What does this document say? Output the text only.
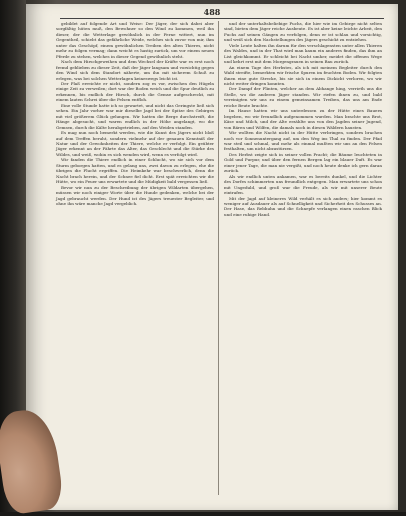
488

gebildet auf folgende Art und Weise: Der Jäger, der sich dabei aber sorgfältig hüten muß, den Bewohner so den Wind zu kommen, weil ihn dieser, der die Wetterlage gewöhnlich in der Ferne wittert, nun im Gegentheil, schiebt das gefährliche Weide, welches sich zuvor von mir, ihm unter das Geschöpf, einem gewöhnlichen Treiben des alten Thieres, nicht mehr zu folgen vermag; dann weicht es hastig zurück, um vor einem neuen Pferde zu stehen, welches in dieser Gegend gewöhnlich steht.

Nach dem Hirschgeweihen und dem Wechsel der Kräfte war es erst noch fremd geblieben zu dieser Zeit, daß der Jäger langsam und vorsichtig gegen den Wind sich dem Standort näherte, um ihn mit sicherem Schuß zu erlegen, was bei solchen Wetterlagen keineswegs leicht ist.

Der Plaß erreichte er nicht, sondern zog es vor, zwischen den Hügeln einige Zeit zu verweilen; dort war der Boden weich und die Spur deutlich zu erkennen, bis endlich der Hirsch, durch die Gemse aufgeschreckt, mit einem lauten Schrei über die Felsen entfloh.

Eine volle Stunde hatte ich so gewartet, und nicht das Geringste ließ sich sehen. Ein Jahr vorher war mir dieselbe Jagd bei der Spitze des Gebirges mit viel größerem Glück gelungen. Wir hatten die Berge durchstreift, die Hänge abgesucht, und waren endlich in der Höhe angelangt, wo die Gemsen, durch die Kälte herabgetrieben, auf den Weiden standen.

Es mag nun noch bemerkt werden, wie die Kunst des Jägers nicht bloß auf dem Treffen beruht, sondern vielmehr auf der genauen Kenntniß der Natur und der Gewohnheiten der Thiere, welche er verfolgt. Ein geübter Jäger erkennt an der Fährte das Alter, das Geschlecht und die Stärke des Wildes, und weiß, wohin es sich wenden wird, wenn es verfolgt wird.

Wir fanden die Thiere endlich in einer Schlucht, wo sie sich vor dem Sturm geborgen hatten, und es gelang uns, zwei davon zu erlegen, ehe die übrigen die Flucht ergriffen. Die Heimkehr war beschwerlich, denn die Nacht brach herein, und der Schnee fiel dicht. Erst spät erreichten wir die Hütte, wo ein Feuer uns erwartete und die Müdigkeit bald vergessen ließ.

Bevor wir nun zu der Beschreibung der übrigen Wildarten übergehen, müssen wir noch einiger Worte über die Hunde gedenken, welche bei der Jagd gebraucht werden. Der Hund ist des Jägers treuester Begleiter, und ohne ihn wäre manche Jagd vergeblich.

und der unterhaltsbeliebige Fuchs, die hier wie im Gebirge nicht selten sind, bieten dem Jäger reiche Ausbeute. Es ist aber keine leichte Arbeit, den Fuchs auf seinen Gängen zu verfolgen, denn er ist schlau und vorsichtig, und weiß sich den Nachstellungen des Jägers geschickt zu entziehen.

Viele Leute halten ihn darum für den verschlagensten unter allen Thieren des Waldes, und in der That wird man kaum ein anderes finden, das ihm an List gleichkommt. Er schleicht bei Nacht umher, meidet die offenen Wege und kehrt erst mit dem Morgengrauen in seinen Bau zurück.

An einem Tage des Herbstes, als ich mit meinem Begleiter durch den Wald streifte, bemerkten wir frische Spuren im feuchten Boden. Wir folgten ihnen eine gute Strecke, bis sie sich in einem Dickicht verloren, wo wir nicht weiter dringen konnten.

Der Dampf der Flinten, welcher an dem Abhange hing, verrieth uns die Stelle, wo die anderen Jäger standen. Wir riefen ihnen zu, und bald vereinigten wir uns zu einem gemeinsamen Treiben, das uns am Ende reiche Beute brachte.

Im Hause hatten wir uns unterdessen zu der Hütte eines Bauern begeben, wo wir freundlich aufgenommen wurden. Man brachte uns Brot, Käse und Milch, und der Alte erzählte uns von den Jagden seiner Jugend, von Bären und Wölfen, die damals noch in diesen Wäldern hausten.

Wir wollten die Nacht nicht in der Hütte verbringen, sondern brachen noch vor Sonnenuntergang auf, um den Weg ins Thal zu finden. Der Pfad war steil und schmal, und mehr als einmal mußten wir uns an den Felsen festhalten, um nicht abzustürzen.

Des Herbst zeigte sich in seiner vollen Pracht; die Bäume leuchteten in Gold und Purpur, und über den fernen Bergen lag ein blauer Duft. Es war einer jener Tage, die man nie vergißt, und noch heute denke ich gern daran zurück.

Als wir endlich unten ankamen, war es bereits dunkel, und die Lichter des Dorfes schimmerten uns freundlich entgegen. Man erwartete uns schon mit Ungeduld, und groß war die Freude, als wir mit unserer Beute eintrafen.

Mit der Jagd auf kleineres Wild verhält es sich anders; hier kommt es weniger auf Ausdauer als auf Schnelligkeit und Sicherheit des Schusses an. Der Hase, das Rebhuhn und die Schnepfe verlangen einen raschen Blick und eine ruhige Hand.
